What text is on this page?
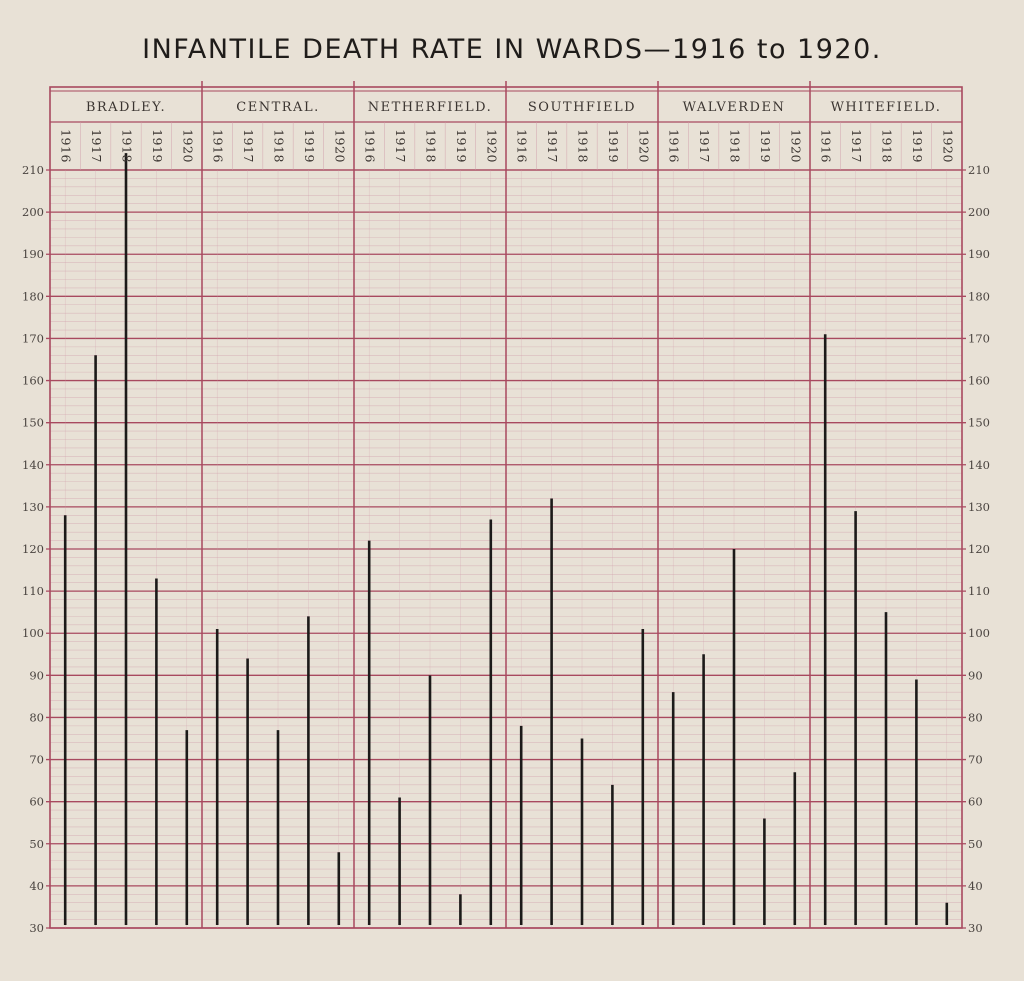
INFANTILE DEATH RATE IN WARDS—1916 to 1920.
BRADLEY.
1916 1917 1918 1919 1920
CENTRAL.
1916 1917 1918 1919 1920
NETHERFIELD.
1916 1917 1918 1919 1920
SOUTHFIELD
1916 1917 1918 1919 1920
WALVERDEN
1916 1917 1918 1919 1920
WHITEFIELD.
1916 1917 1918 1919 1920
30	30
40	40
50	50
60	60
70	70
80	80
90	90
100	100
110	110
120	120
130	130
140	140
150	150
160	160
170	170
180	180
190	190
200	200
210	210
